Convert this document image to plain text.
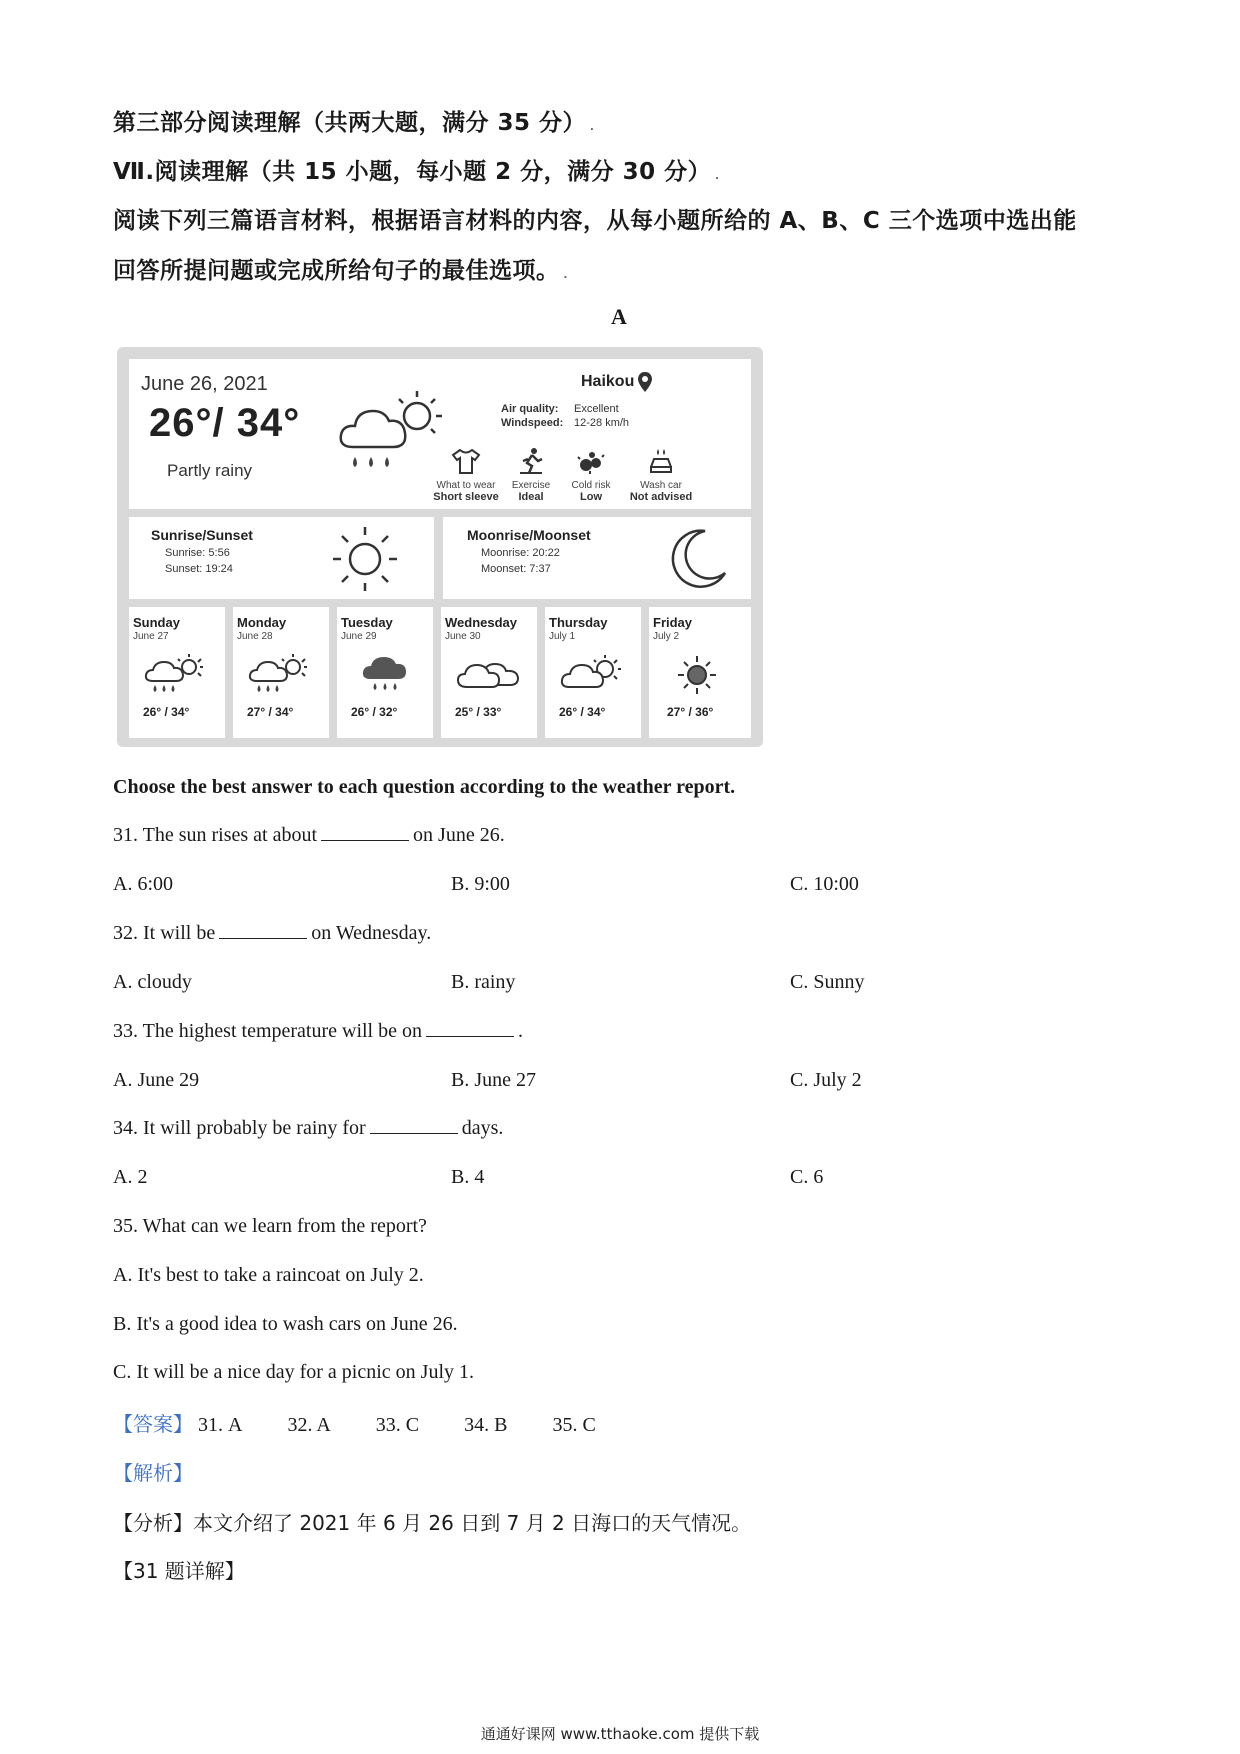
第三部分阅读理解（共两大题，满分 35 分） .
Ⅶ.阅读理解（共 15 小题，每小题 2 分，满分 30 分） .
阅读下列三篇语言材料，根据语言材料的内容，从每小题所给的 A、B、C 三个选项中选出能
回答所提问题或完成所给句子的最佳选项。 .
A
June 26, 2021
26°/ 34°
Partly rainy
Haikou
Air quality: Excellent
Windspeed: 12-28 km/h
What to wear
Short sleeve
Exercise
Ideal
Cold risk
Low
Wash car
Not advised
Sunrise/Sunset
Sunrise: 5:56
Sunset: 19:24
Moonrise/Moonset
Moonrise: 20:22
Moonset: 7:37
Sunday
June 27
26° / 34°
Monday
June 28
27° / 34°
Tuesday
June 29
26° / 32°
Wednesday
June 30
25° / 33°
Thursday
July 1
26° / 34°
Friday
July 2
27° / 36°
Choose the best answer to each question according to the weather report.
31. The sun rises at about	on June 26.
A. 6:00	B. 9:00	C. 10:00
32. It will be	on Wednesday.
A. cloudy	B. rainy	C. Sunny
33. The highest temperature will be on	.
A. June 29	B. June 27	C. July 2
34. It will probably be rainy for	days.
A. 2	B. 4	C. 6
35. What can we learn from the report?
A. It's best to take a raincoat on July 2.
B. It's a good idea to wash cars on June 26.
C. It will be a nice day for a picnic on July 1.
【答案】 31. A 32. A 33. C 34. B 35. C
【解析】
【分析】本文介绍了 2021 年 6 月 26 日到 7 月 2 日海口的天气情况。
【31 题详解】
通通好课网 www.tthaoke.com 提供下载
